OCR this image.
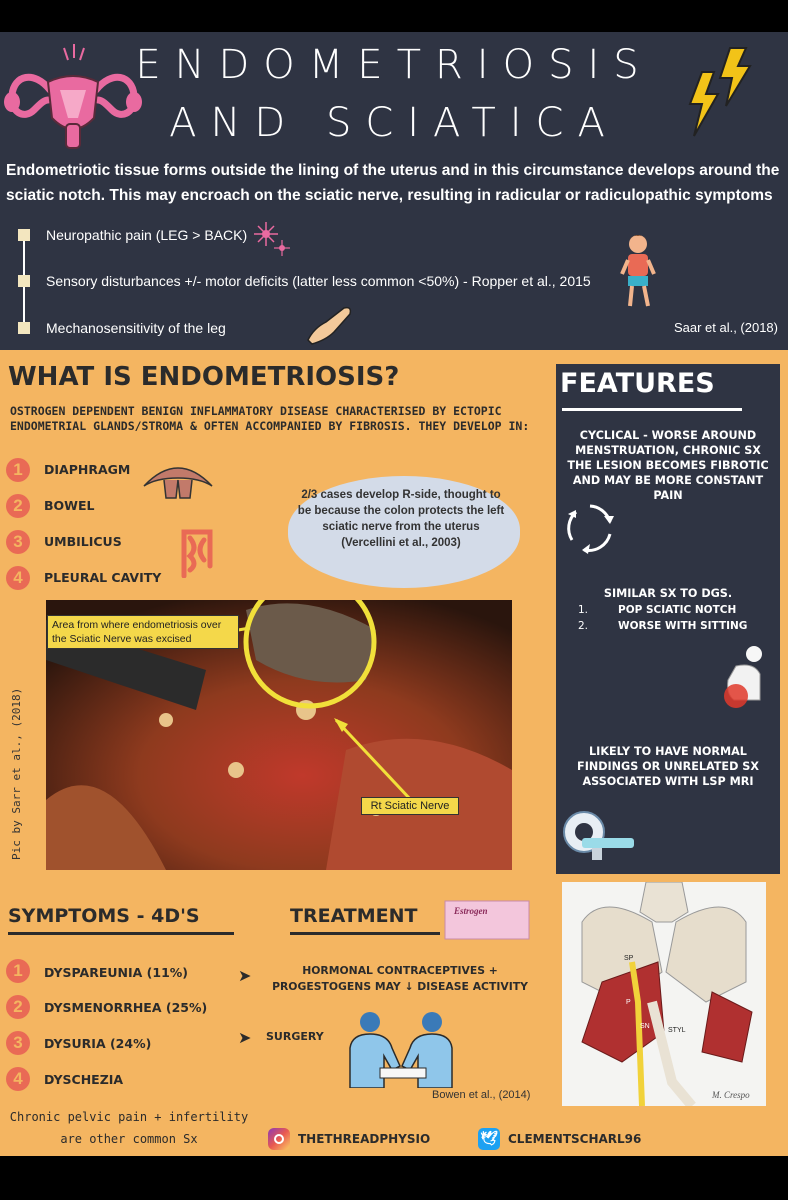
ENDOMETRIOSIS
AND SCIATICA
Endometriotic tissue forms outside the lining of the uterus and in this circumstance develops around the sciatic notch. This may encroach on the sciatic nerve, resulting in radicular or radiculopathic symptoms
Neuropathic pain (LEG > BACK)
Sensory disturbances +/- motor deficits (latter less common <50%) - Ropper et al., 2015
Mechanosensitivity of the leg	Saar et al., (2018)
WHAT IS ENDOMETRIOSIS?
OSTROGEN DEPENDENT BENIGN INFLAMMATORY DISEASE CHARACTERISED BY ECTOPIC ENDOMETRIAL GLANDS/STROMA & OFTEN ACCOMPANIED BY FIBROSIS. THEY DEVELOP IN:
1	DIAPHRAGM
2	BOWEL
3	UMBILICUS
4	PLEURAL CAVITY
2/3 cases develop R-side, thought to be because the colon protects the left sciatic nerve from the uterus (Vercellini et al., 2003)
Area from where endometriosis over the Sciatic Nerve was excised
Rt Sciatic Nerve
Pic by Sarr et al., (2018)
SYMPTOMS - 4D'S
1	DYSPAREUNIA (11%)
2	DYSMENORRHEA (25%)
3	DYSURIA (24%)
4	DYSCHEZIA
Chronic pelvic pain + infertility are other common Sx
TREATMENT	Estrogen
➤	HORMONAL CONTRACEPTIVES + PROGESTOGENS MAY ↓ DISEASE ACTIVITY
➤ SURGERY
Bowen et al., (2014)
FEATURES
CYCLICAL - WORSE AROUND MENSTRUATION, CHRONIC SX THE LESION BECOMES FIBROTIC AND MAY BE MORE CONSTANT PAIN
SIMILAR SX TO DGS.
1.	POP SCIATIC NOTCH
2.	WORSE WITH SITTING
LIKELY TO HAVE NORMAL FINDINGS OR UNRELATED SX ASSOCIATED WITH LSP MRI
SP
P
SN
STYL
M. Crespo
THETHREADPHYSIO	🕊 CLEMENTSCHARL96
